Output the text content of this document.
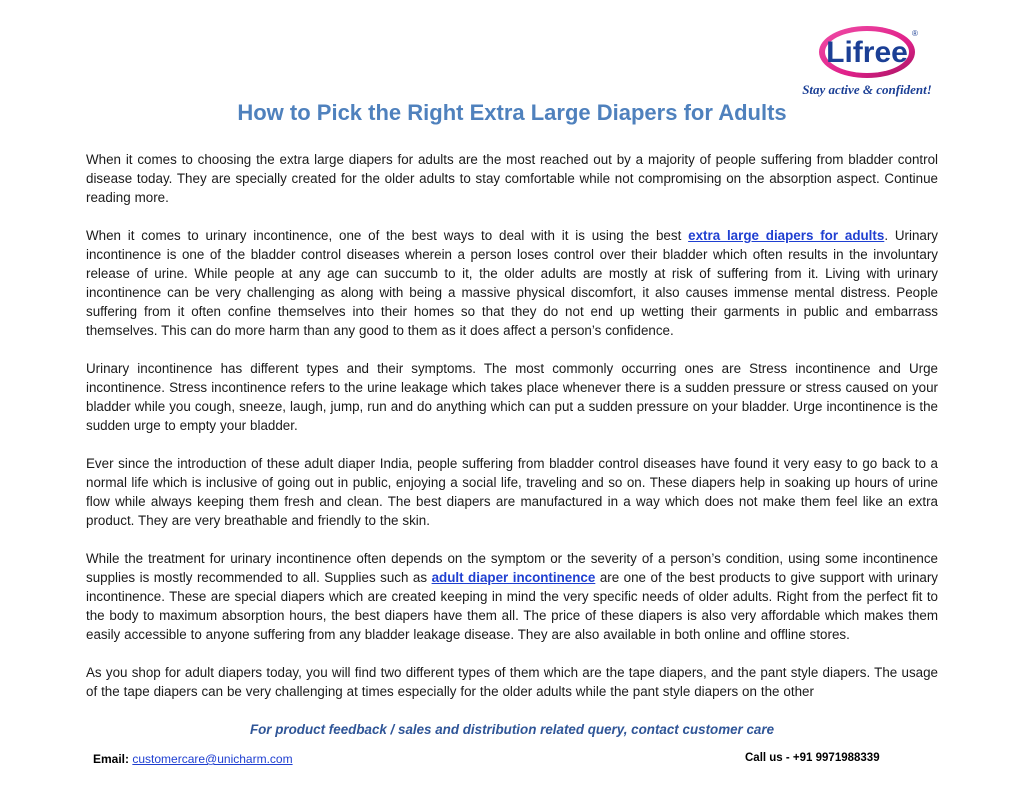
Lifree
®
Stay active & confident!
How to Pick the Right Extra Large Diapers for Adults

When it comes to choosing the extra large diapers for adults are the most reached out by a majority of people suffering from bladder control disease today. They are specially created for the older adults to stay comfortable while not compromising on the absorption aspect. Continue reading more.

When it comes to urinary incontinence, one of the best ways to deal with it is using the best extra large diapers for adults. Urinary incontinence is one of the bladder control diseases wherein a person loses control over their bladder which often results in the involuntary release of urine. While people at any age can succumb to it, the older adults are mostly at risk of suffering from it. Living with urinary incontinence can be very challenging as along with being a massive physical discomfort, it also causes immense mental distress. People suffering from it often confine themselves into their homes so that they do not end up wetting their garments in public and embarrass themselves. This can do more harm than any good to them as it does affect a person’s confidence.

Urinary incontinence has different types and their symptoms. The most commonly occurring ones are Stress incontinence and Urge incontinence. Stress incontinence refers to the urine leakage which takes place whenever there is a sudden pressure or stress caused on your bladder while you cough, sneeze, laugh, jump, run and do anything which can put a sudden pressure on your bladder. Urge incontinence is the sudden urge to empty your bladder.

Ever since the introduction of these adult diaper India, people suffering from bladder control diseases have found it very easy to go back to a normal life which is inclusive of going out in public, enjoying a social life, traveling and so on. These diapers help in soaking up hours of urine flow while always keeping them fresh and clean. The best diapers are manufactured in a way which does not make them feel like an extra product. They are very breathable and friendly to the skin.

While the treatment for urinary incontinence often depends on the symptom or the severity of a person’s condition, using some incontinence supplies is mostly recommended to all. Supplies such as adult diaper incontinence are one of the best products to give support with urinary incontinence. These are special diapers which are created keeping in mind the very specific needs of older adults. Right from the perfect fit to the body to maximum absorption hours, the best diapers have them all. The price of these diapers is also very affordable which makes them easily accessible to anyone suffering from any bladder leakage disease. They are also available in both online and offline stores.

As you shop for adult diapers today, you will find two different types of them which are the tape diapers, and the pant style diapers. The usage of the tape diapers can be very challenging at times especially for the older adults while the pant style diapers on the other

For product feedback / sales and distribution related query, contact customer care
Email: customercare@unicharm.com	Call us - +91 9971988339
